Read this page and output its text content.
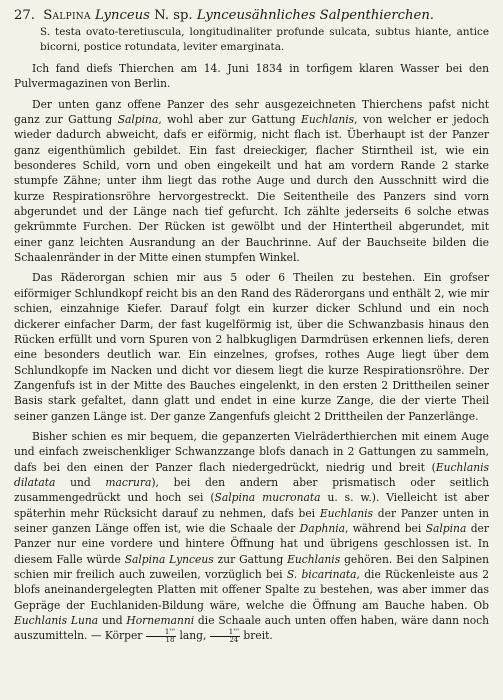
27. Salpina Lynceus N. sp. Lynceusähnliches Salpenthierchen.
S. testa ovato-teretiuscula, longitudinaliter profunde sulcata, subtus hiante, antice bicorni, postice rotundata, leviter emarginata.

Ich fand diefs Thierchen am 14. Juni 1834 in torfigem klaren Wasser bei den Pulvermagazinen von Berlin.

Der unten ganz offene Panzer des sehr ausgezeichneten Thierchens pafst nicht ganz zur Gattung Salpina, wohl aber zur Gattung Euchlanis, von welcher er jedoch wieder dadurch abweicht, dafs er eiförmig, nicht flach ist. Überhaupt ist der Panzer ganz eigenthümlich gebildet. Ein fast dreieckiger, flacher Stirntheil ist, wie ein besonderes Schild, vorn und oben eingekeilt und hat am vordern Rande 2 starke stumpfe Zähne; unter ihm liegt das rothe Auge und durch den Ausschnitt wird die kurze Respirationsröhre hervorgestreckt. Die Seitentheile des Panzers sind vorn abgerundet und der Länge nach tief gefurcht. Ich zählte jederseits 6 solche etwas gekrümmte Furchen. Der Rücken ist gewölbt und der Hintertheil abgerundet, mit einer ganz leichten Ausrandung an der Bauchrinne. Auf der Bauchseite bilden die Schaalenränder in der Mitte einen stumpfen Winkel.

Das Räderorgan schien mir aus 5 oder 6 Theilen zu bestehen. Ein grofser eiförmiger Schlundkopf reicht bis an den Rand des Räderorgans und enthält 2, wie mir schien, einzahnige Kiefer. Darauf folgt ein kurzer dicker Schlund und ein noch dickerer einfacher Darm, der fast kugelförmig ist, über die Schwanzbasis hinaus den Rücken erfüllt und vorn Spuren von 2 halbkugligen Darmdrüsen erkennen liefs, deren eine besonders deutlich war. Ein einzelnes, grofses, rothes Auge liegt über dem Schlundkopfe im Nacken und dicht vor diesem liegt die kurze Respirationsröhre. Der Zangenfufs ist in der Mitte des Bauches eingelenkt, in den ersten 2 Drittheilen seiner Basis stark gefaltet, dann glatt und endet in eine kurze Zange, die der vierte Theil seiner ganzen Länge ist. Der ganze Zangenfufs gleicht 2 Drittheilen der Panzerlänge.

Bisher schien es mir bequem, die gepanzerten Vielräderthierchen mit einem Auge und einfach zweischenkliger Schwanzzange blofs danach in 2 Gattungen zu sammeln, dafs bei den einen der Panzer flach niedergedrückt, niedrig und breit (Euchlanis dilatata und macrura), bei den andern aber prismatisch oder seitlich zusammengedrückt und hoch sei (Salpina mucronata u. s. w.). Vielleicht ist aber späterhin mehr Rücksicht darauf zu nehmen, dafs bei Euchlanis der Panzer unten in seiner ganzen Länge offen ist, wie die Schaale der Daphnia, während bei Salpina der Panzer nur eine vordere und hintere Öffnung hat und übrigens geschlossen ist. In diesem Falle würde Salpina Lynceus zur Gattung Euchlanis gehören. Bei den Salpinen schien mir freilich auch zuweilen, vorzüglich bei S. bicarinata, die Rückenleiste aus 2 blofs aneinandergelegten Platten mit offener Spalte zu bestehen, was aber immer das Gepräge der Euchlaniden-Bildung wäre, welche die Öffnung am Bauche haben. Ob Euchlanis Luna und Hornemanni die Schaale auch unten offen haben, wäre dann noch auszumitteln. — Körper $\frac{1'''}{18}$ lang, $\frac{1'''}{24}$ breit.
